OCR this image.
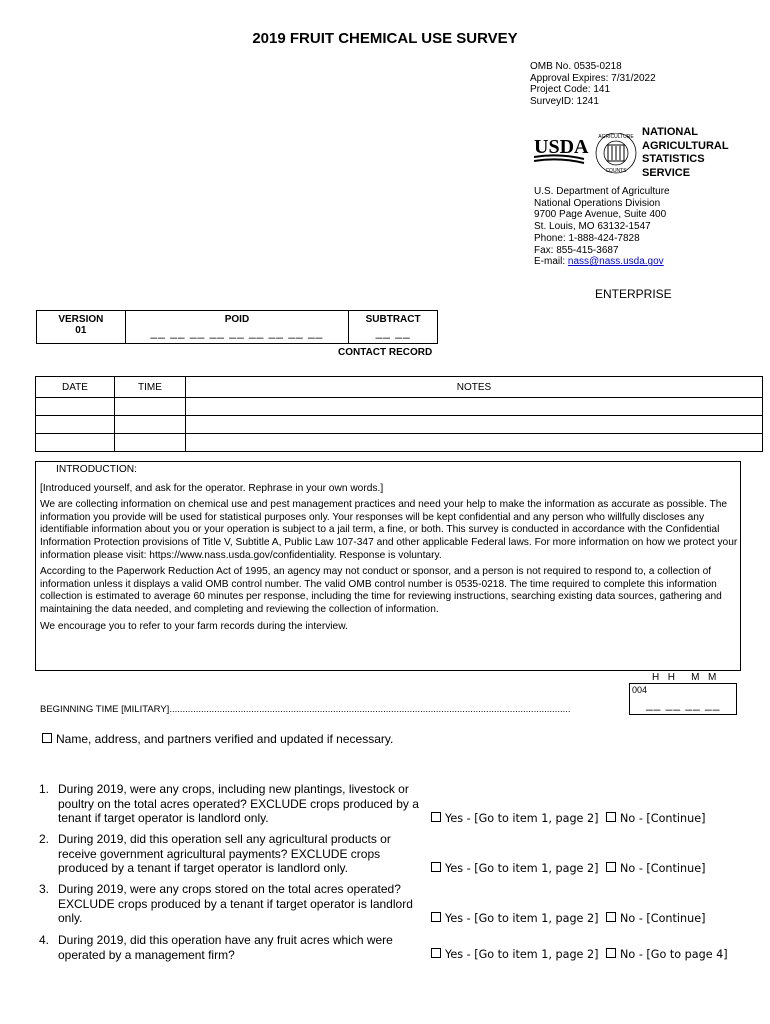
2019 FRUIT CHEMICAL USE SURVEY
OMB No. 0535-0218
Approval Expires: 7/31/2022
Project Code: 141
SurveyID: 1241
USDA AGRICULTURE
COUNTS
NATIONAL
AGRICULTURAL
STATISTICS
SERVICE
U.S. Department of Agriculture
National Operations Division
9700 Page Avenue, Suite 400
St. Louis, MO 63132-1547
Phone: 1-888-424-7828
Fax: 855-415-3687
E-mail: nass@nass.usda.gov
ENTERPRISE
VERSION
01

POID
__ __ __ __ __ __ __ __ __

SUBTRACT
__ __
CONTACT RECORD
DATE	TIME	NOTES

INTRODUCTION:

[Introduced yourself, and ask for the operator. Rephrase in your own words.]

We are collecting information on chemical use and pest management practices and need your help to make the information as accurate as possible. The information you provide will be used for statistical purposes only. Your responses will be kept confidential and any person who willfully discloses any identifiable information about you or your operation is subject to a jail term, a fine, or both. This survey is conducted in accordance with the Confidential Information Protection provisions of Title V, Subtitle A, Public Law 107-347 and other applicable Federal laws. For more information on how we protect your information please visit: https://www.nass.usda.gov/confidentiality. Response is voluntary.

According to the Paperwork Reduction Act of 1995, an agency may not conduct or sponsor, and a person is not required to respond to, a collection of information unless it displays a valid OMB control number. The valid OMB control number is 0535-0218. The time required to complete this information collection is estimated to average 60 minutes per response, including the time for reviewing instructions, searching existing data sources, gathering and maintaining the data needed, and completing and reviewing the collection of information.

We encourage you to refer to your farm records during the interview.

H  H    M  M
004
__ __ __ __
BEGINNING TIME [MILITARY]........................................................................................................................................................
Name, address, and partners verified and updated if necessary.
1. During 2019, were any crops, including new plantings, livestock or poultry on the total acres operated? EXCLUDE crops produced by a tenant if target operator is landlord only.	Yes - [Go to item 1, page 2] No - [Continue]
2. During 2019, did this operation sell any agricultural products or receive government agricultural payments? EXCLUDE crops produced by a tenant if target operator is landlord only.	Yes - [Go to item 1, page 2] No - [Continue]
3. During 2019, were any crops stored on the total acres operated? EXCLUDE crops produced by a tenant if target operator is landlord only.	Yes - [Go to item 1, page 2] No - [Continue]
4. During 2019, did this operation have any fruit acres which were operated by a management firm?	Yes - [Go to item 1, page 2] No - [Go to page 4]
